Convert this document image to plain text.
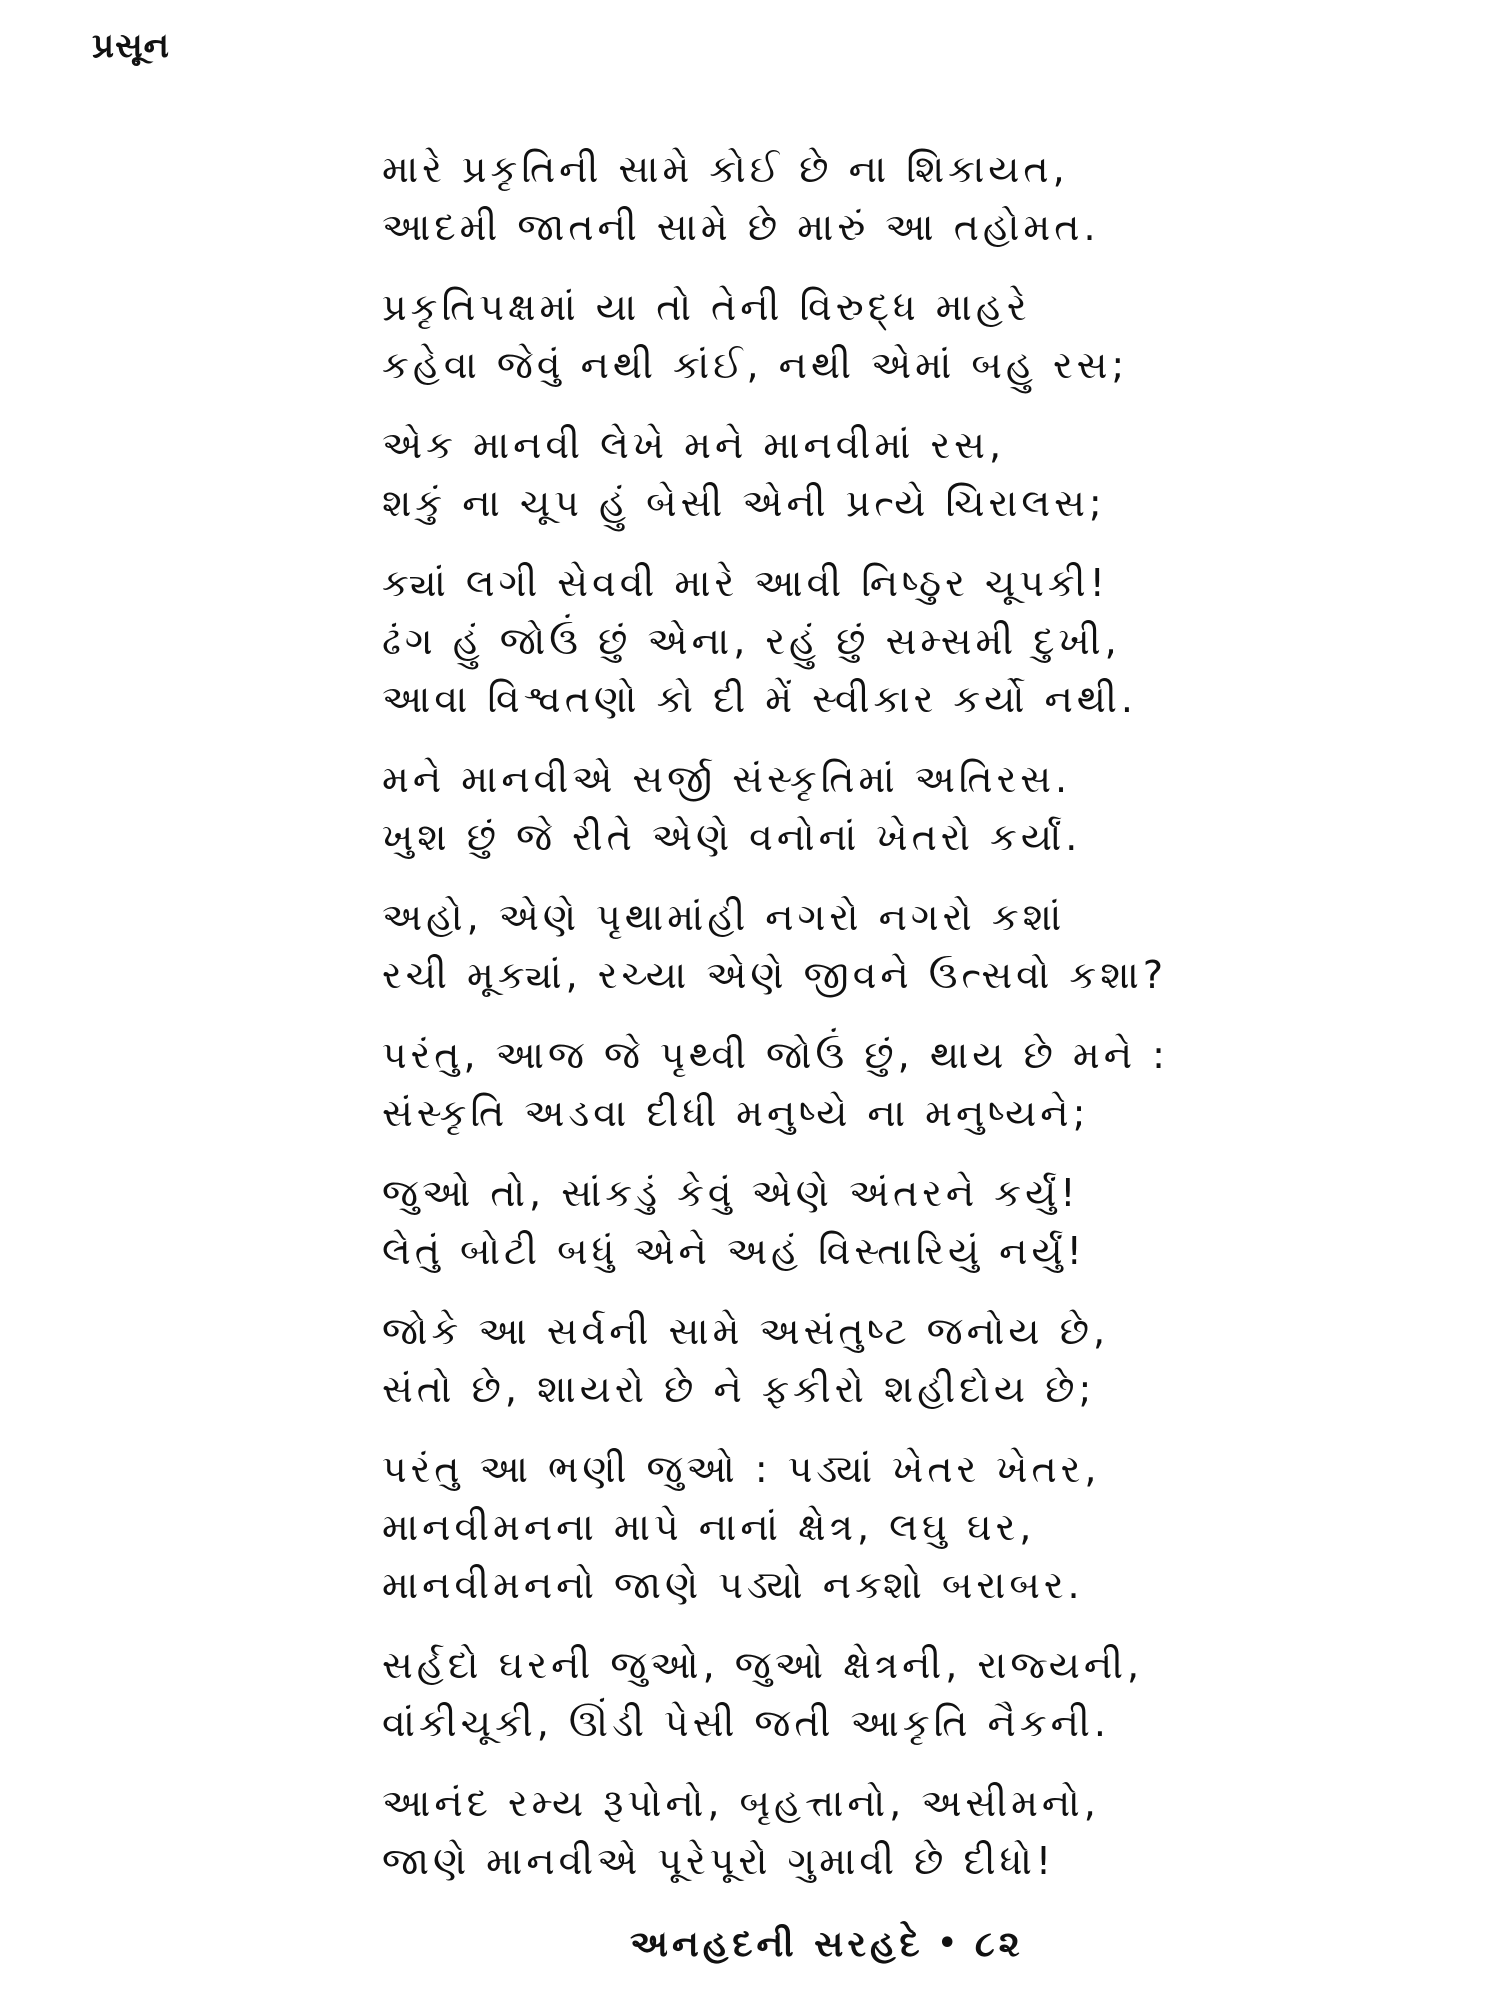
પ્રસૂન
મારે પ્રકૃતિની સામે કોઈ છે ના શિકાયત,
આદમી જાતની સામે છે મારું આ તહોમત.
પ્રકૃતિપક્ષમાં યા તો તેની વિરુદ્ધ માહરે
કહેવા જેવું નથી કાંઈ, નથી એમાં બહુ રસ;
એક માનવી લેખે મને માનવીમાં રસ,
શકું ના ચૂપ હું બેસી એની પ્રત્યે ચિરાલસ;
ક્યાં લગી સેવવી મારે આવી નિષ્ઠુર ચૂપકી!
ઢંગ હું જોઉં છું એના, રહું છું સમ્સમી દુખી,
આવા વિશ્વતણો કો દી મેં સ્વીકાર કર્યો નથી.
મને માનવીએ સર્જી સંસ્કૃતિમાં અતિરસ.
ખુશ છું જે રીતે એણે વનોનાં ખેતરો કર્યાં.
અહો, એણે પૃથામાંહી નગરો નગરો કશાં
રચી મૂક્યાં, રચ્યા એણે જીવને ઉત્સવો કશા?
પરંતુ, આજ જે પૃથ્વી જોઉં છું, થાય છે મને :
સંસ્કૃતિ અડવા દીધી મનુષ્યે ના મનુષ્યને;
જુઓ તો, સાંકડું કેવું એણે અંતરને કર્યું!
લેતું બોટી બધું એને અહં વિસ્તારિયું નર્યું!
જોકે આ સર્વની સામે અસંતુષ્ટ જનોય છે,
સંતો છે, શાયરો છે ને ફકીરો શહીદોય છે;
પરંતુ આ ભણી જુઓ : પડ્યાં ખેતર ખેતર,
માનવીમનના માપે નાનાં ક્ષેત્ર, લઘુ ઘર,
માનવીમનનો જાણે પડ્યો નક્શો બરાબર.
સર્હદો ઘરની જુઓ, જુઓ ક્ષેત્રની, રાજ્યની,
વાંકીચૂકી, ઊંડી પેસી જતી આકૃતિ નૈકની.
આનંદ રમ્ય રૂપોનો, બૃહત્તાનો, અસીમનો,
જાણે માનવીએ પૂરેપૂરો ગુમાવી છે દીધો!
અનહદની સરહદે • ૮૨
